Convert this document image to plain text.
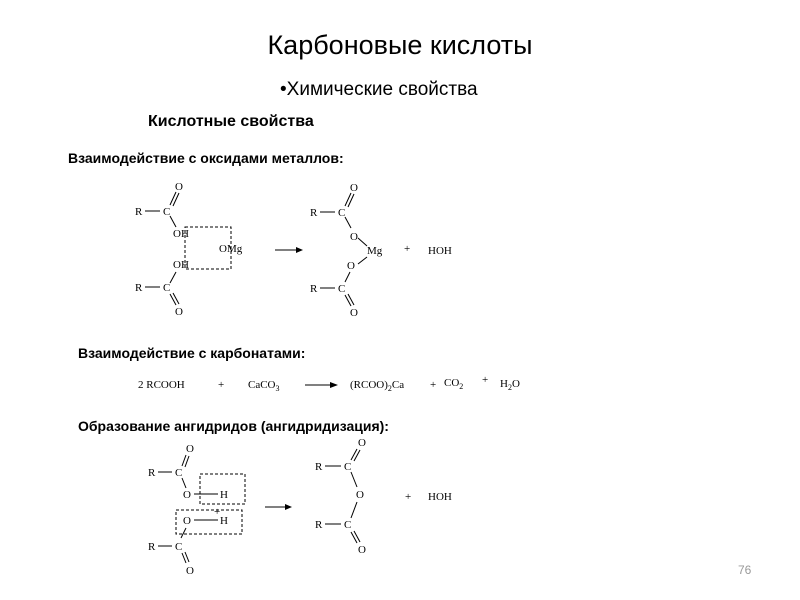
Карбоновые кислоты
•Химические свойства
Кислотные свойства
Взаимодействие с оксидами металлов:
Взаимодействие с карбонатами:
Образование ангидридов (ангидридизация):
76
R C
O
OH
OH
C
R
O
OMg
R C
O
O
Mg
O
C
R
O
+ HOH
2 RCOOH	+ CaCO$_3$	$(RCOO)_2Ca + CO_2$
+ $H_2O$
R C
O
O	H
O	H
C
R
O
+
R C
O
O
C
R
O
+ HOH
